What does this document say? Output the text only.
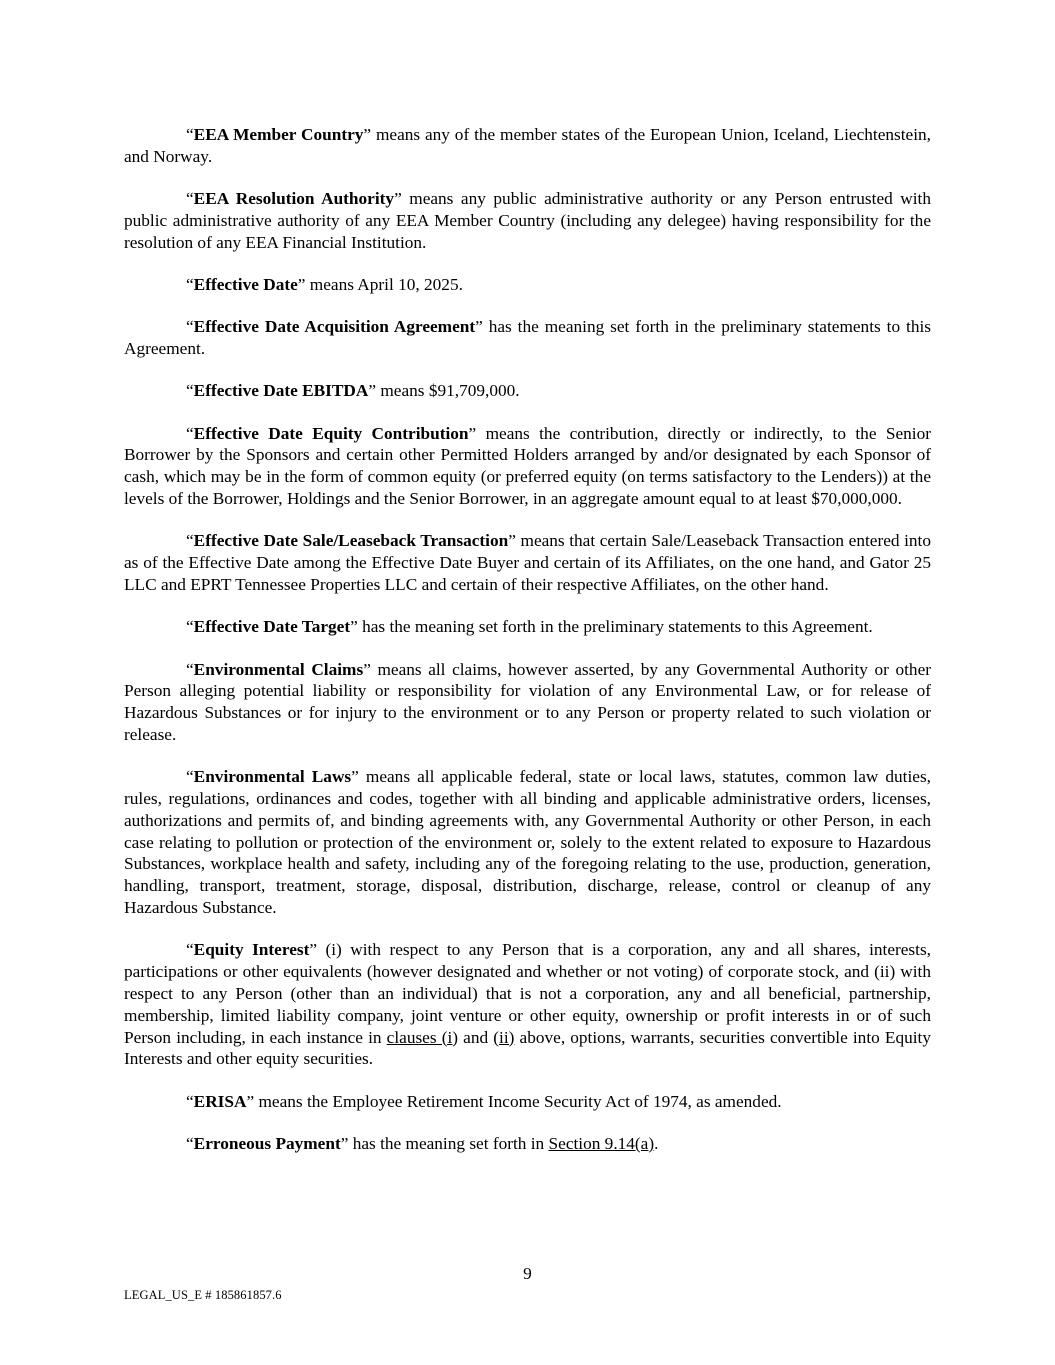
“EEA Member Country” means any of the member states of the European Union, Iceland, Liechtenstein, and Norway.

“EEA Resolution Authority” means any public administrative authority or any Person entrusted with public administrative authority of any EEA Member Country (including any delegee) having responsibility for the resolution of any EEA Financial Institution.

“Effective Date” means April 10, 2025.

“Effective Date Acquisition Agreement” has the meaning set forth in the preliminary statements to this Agreement.

“Effective Date EBITDA” means $91,709,000.

“Effective Date Equity Contribution” means the contribution, directly or indirectly, to the Senior Borrower by the Sponsors and certain other Permitted Holders arranged by and/or designated by each Sponsor of cash, which may be in the form of common equity (or preferred equity (on terms satisfactory to the Lenders)) at the levels of the Borrower, Holdings and the Senior Borrower, in an aggregate amount equal to at least $70,000,000.

“Effective Date Sale/Leaseback Transaction” means that certain Sale/Leaseback Transaction entered into as of the Effective Date among the Effective Date Buyer and certain of its Affiliates, on the one hand, and Gator 25 LLC and EPRT Tennessee Properties LLC and certain of their respective Affiliates, on the other hand.

“Effective Date Target” has the meaning set forth in the preliminary statements to this Agreement.

“Environmental Claims” means all claims, however asserted, by any Governmental Authority or other Person alleging potential liability or responsibility for violation of any Environmental Law, or for release of Hazardous Substances or for injury to the environment or to any Person or property related to such violation or release.

“Environmental Laws” means all applicable federal, state or local laws, statutes, common law duties, rules, regulations, ordinances and codes, together with all binding and applicable administrative orders, licenses, authorizations and permits of, and binding agreements with, any Governmental Authority or other Person, in each case relating to pollution or protection of the environment or, solely to the extent related to exposure to Hazardous Substances, workplace health and safety, including any of the foregoing relating to the use, production, generation, handling, transport, treatment, storage, disposal, distribution, discharge, release, control or cleanup of any Hazardous Substance.

“Equity Interest” (i) with respect to any Person that is a corporation, any and all shares, interests, participations or other equivalents (however designated and whether or not voting) of corporate stock, and (ii) with respect to any Person (other than an individual) that is not a corporation, any and all beneficial, partnership, membership, limited liability company, joint venture or other equity, ownership or profit interests in or of such Person including, in each instance in clauses (i) and (ii) above, options, warrants, securities convertible into Equity Interests and other equity securities.

“ERISA” means the Employee Retirement Income Security Act of 1974, as amended.

“Erroneous Payment” has the meaning set forth in Section 9.14(a).

9
LEGAL_US_E # 185861857.6
